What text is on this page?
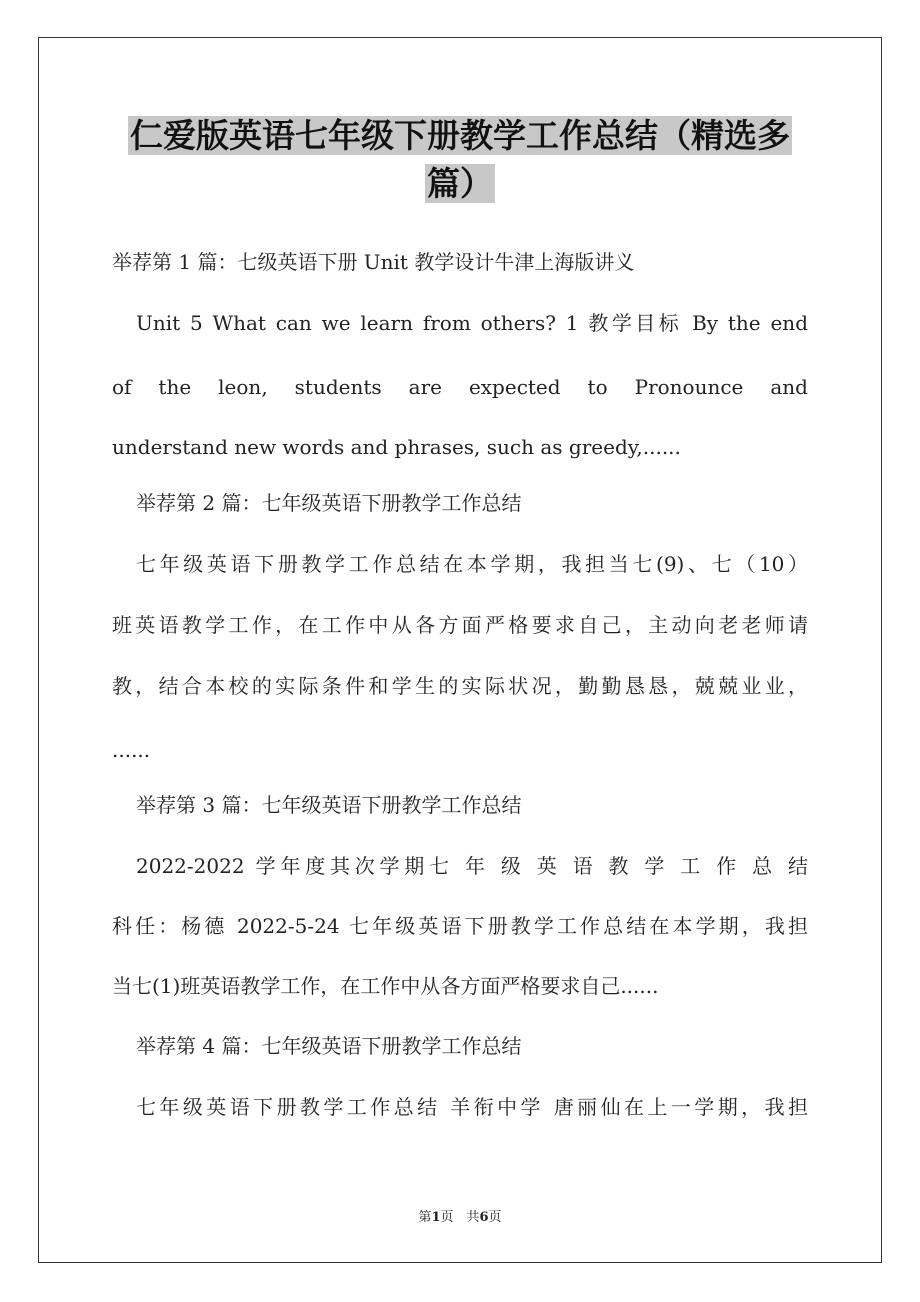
仁爱版英语七年级下册教学工作总结（精选多
篇）
举荐第 1 篇：七级英语下册 Unit 教学设计牛津上海版讲义
Unit 5 What can we learn from others? 1 教学目标 By the end
of the leon, students are expected to Pronounce and
understand new words and phrases, such as greedy,......
举荐第 2 篇：七年级英语下册教学工作总结
七年级英语下册教学工作总结在本学期，我担当七(9)、七（10）
班英语教学工作，在工作中从各方面严格要求自己，主动向老老师请
教，结合本校的实际条件和学生的实际状况，勤勤恳恳，兢兢业业，
......
举荐第 3 篇：七年级英语下册教学工作总结
2022-2022 学年度其次学期七 年 级 英 语 教 学 工 作 总 结
科任：杨德 2022-5-24 七年级英语下册教学工作总结在本学期，我担
当七(1)班英语教学工作，在工作中从各方面严格要求自己......
举荐第 4 篇：七年级英语下册教学工作总结
七年级英语下册教学工作总结 羊衔中学 唐丽仙在上一学期，我担
第1页　共6页
